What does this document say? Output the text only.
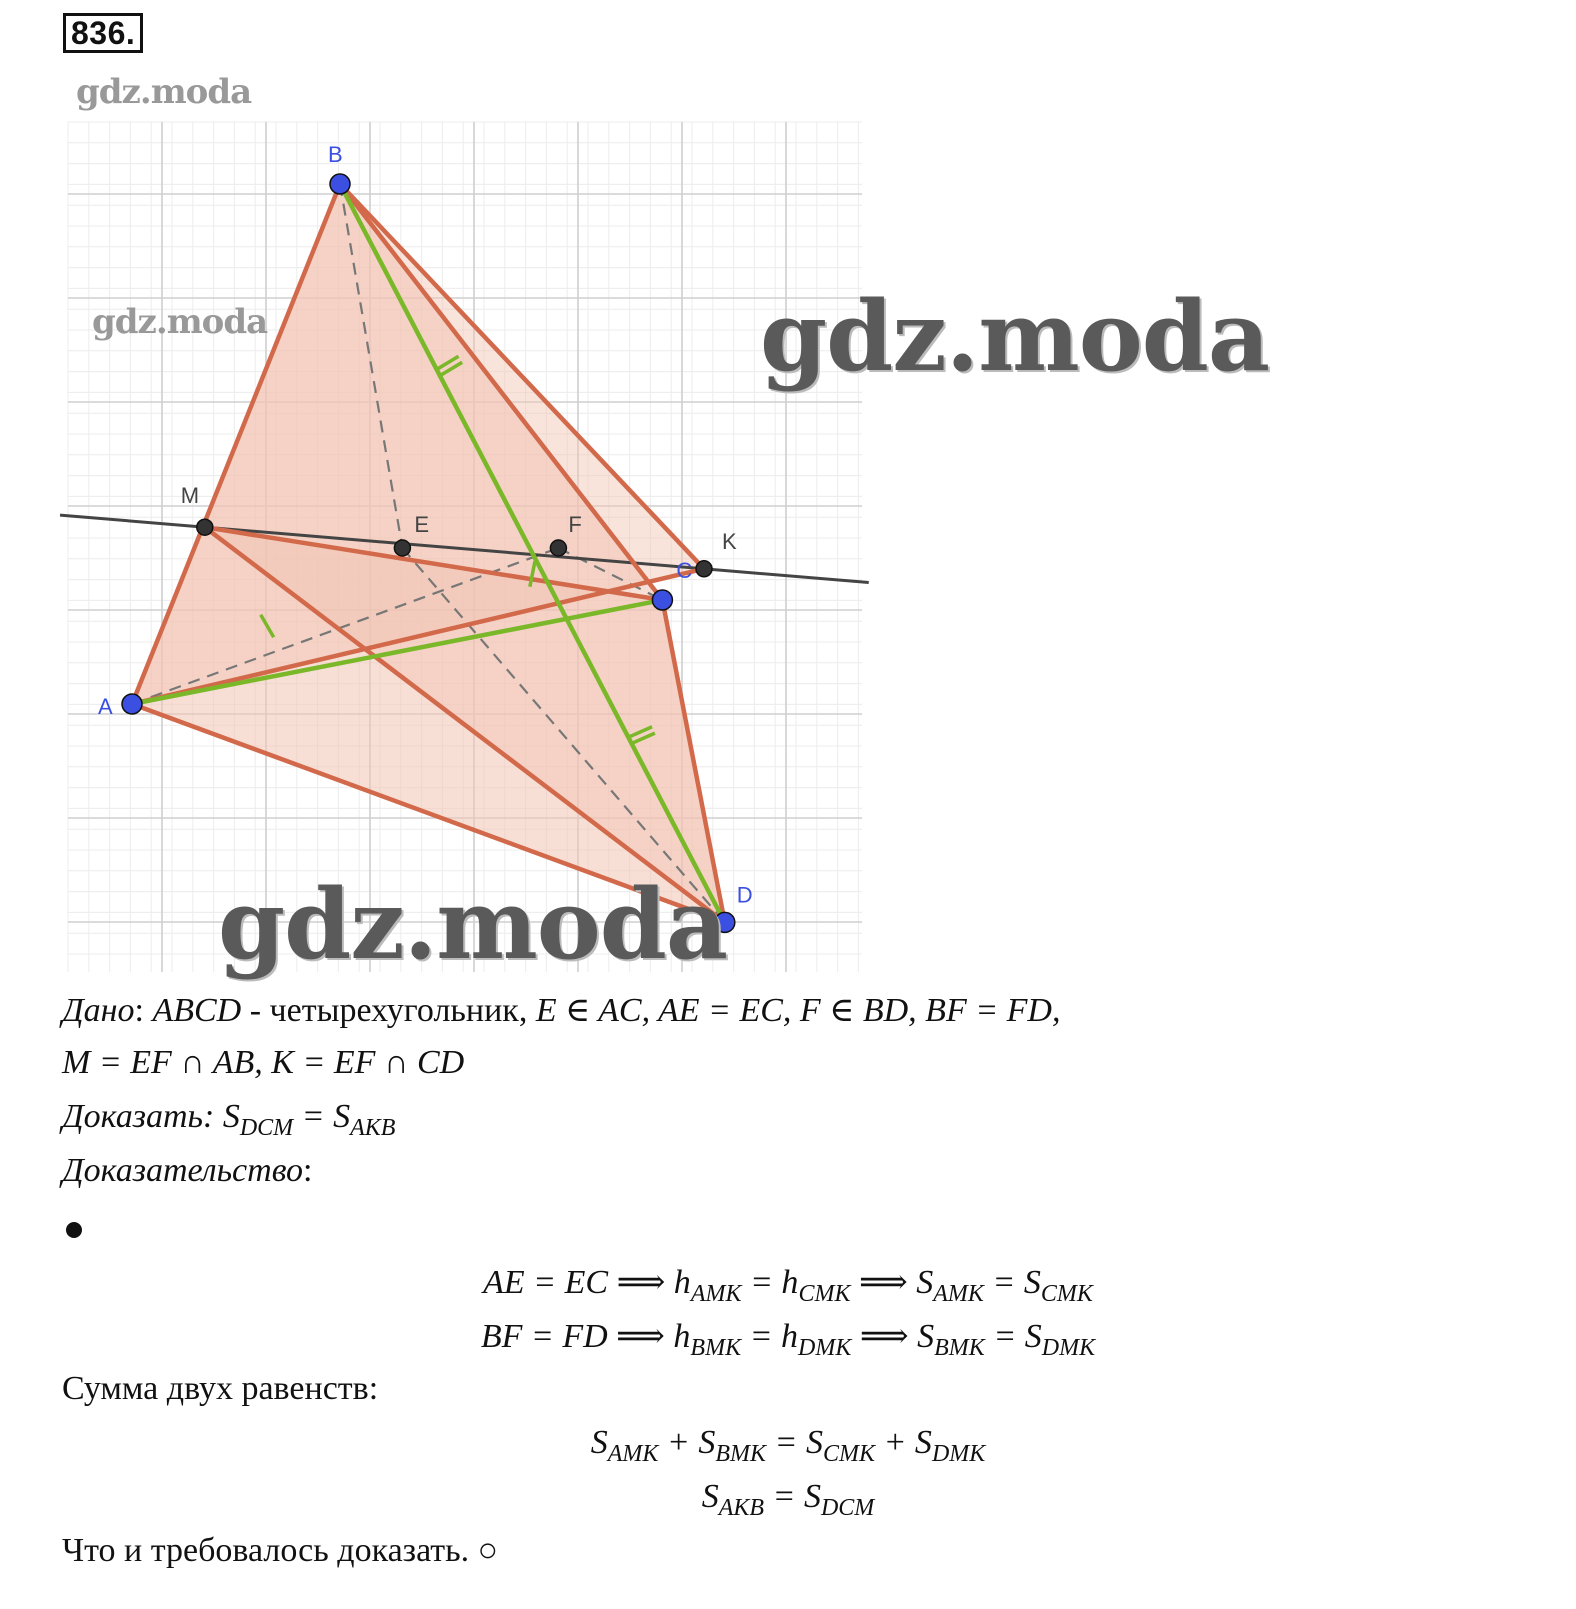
836.
A
B
C
D
M
E	F
K
gdz.moda
gdz.moda	gdz.moda
gdz.moda
Дано: ABCD - четырехугольник, E ∈ AC, AE = EC, F ∈ BD, BF = FD,
M = EF ∩ AB, K = EF ∩ CD
Доказать: $S_{DCM} = S_{AKB}$
Доказательство:
AE = EC ⟹ $h_{AMK} = h_{CMK}$ ⟹ $S_{AMK} = S_{CMK}$
BF = FD ⟹ $h_{BMK} = h_{DMK}$ ⟹ $S_{BMK} = S_{DMK}$
Сумма двух равенств:
$S_{AMK} + S_{BMK} = S_{CMK} + S_{DMK}$
$S_{AKB} = S_{DCM}$
Что и требовалось доказать. ○
